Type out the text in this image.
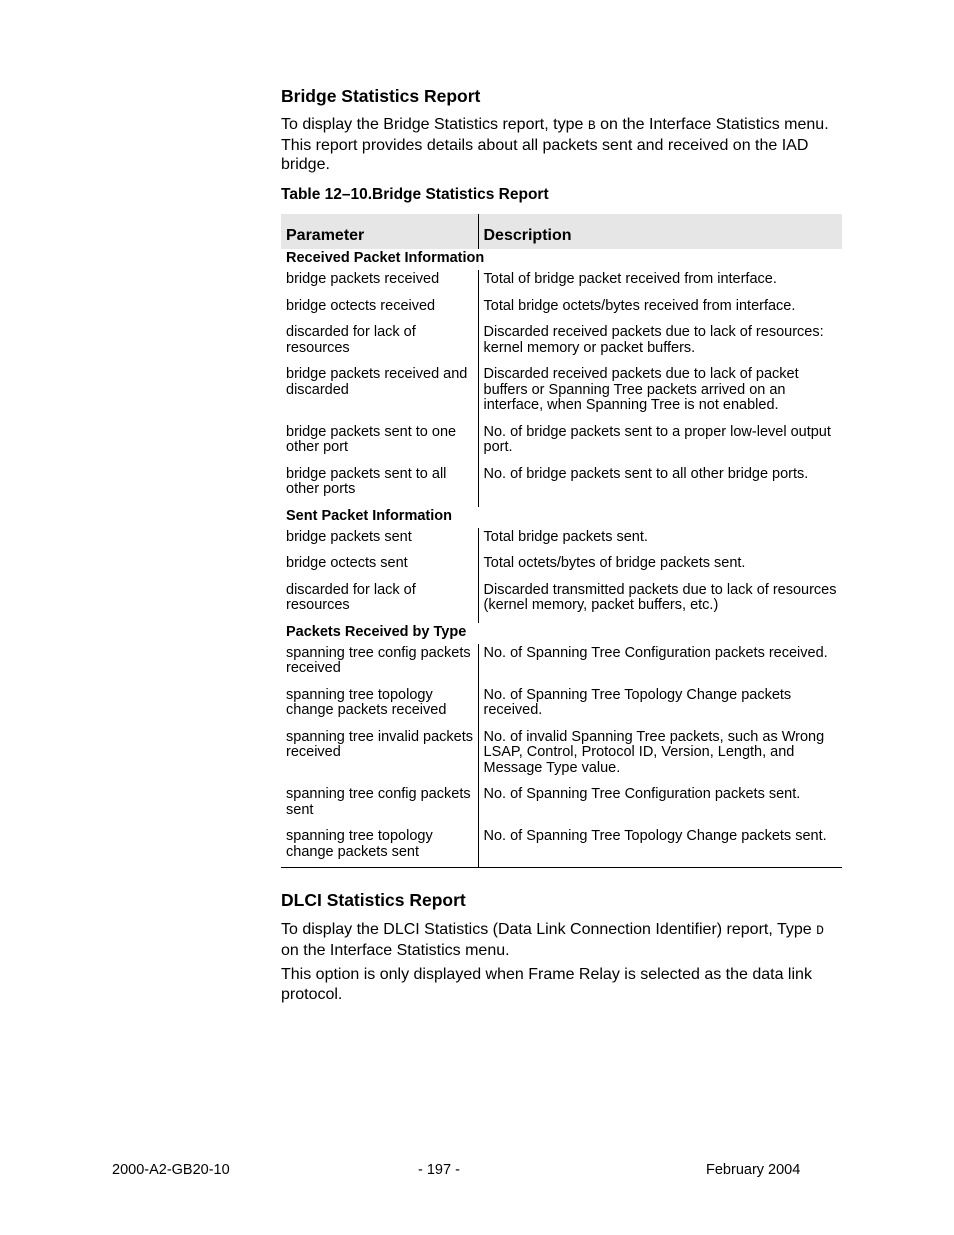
Bridge Statistics Report

To display the Bridge Statistics report, type B on the Interface Statistics menu. This report provides details about all packets sent and received on the IAD bridge.

Table 12–10.Bridge Statistics Report
Parameter	Description
Received Packet Information	
bridge packets received	Total of bridge packet received from interface.
bridge octects received	Total bridge octets/bytes received from interface.
discarded for lack of resources	Discarded received packets due to lack of resources: kernel memory or packet buffers.
bridge packets received and discarded	Discarded received packets due to lack of packet buffers or Spanning Tree packets arrived on an interface, when Spanning Tree is not enabled.
bridge packets sent to one other port	No. of bridge packets sent to a proper low-level output port.
bridge packets sent to all other ports	No. of bridge packets sent to all other bridge ports.
Sent Packet Information	
bridge packets sent	Total bridge packets sent.
bridge octects sent	Total octets/bytes of bridge packets sent.
discarded for lack of resources	Discarded transmitted packets due to lack of resources (kernel memory, packet buffers, etc.)
Packets Received by Type	
spanning tree config packets received	No. of Spanning Tree Configuration packets received.
spanning tree topology change packets received	No. of Spanning Tree Topology Change packets received.
spanning tree invalid packets received	No. of invalid Spanning Tree packets, such as Wrong LSAP, Control, Protocol ID, Version, Length, and Message Type value.
spanning tree config packets sent	No. of Spanning Tree Configuration packets sent.
spanning tree topology change packets sent	No. of Spanning Tree Topology Change packets sent.
DLCI Statistics Report

To display the DLCI Statistics (Data Link Connection Identifier) report, Type D on the Interface Statistics menu.

This option is only displayed when Frame Relay is selected as the data link protocol.

2000-A2-GB20-10	- 197 -	February 2004
